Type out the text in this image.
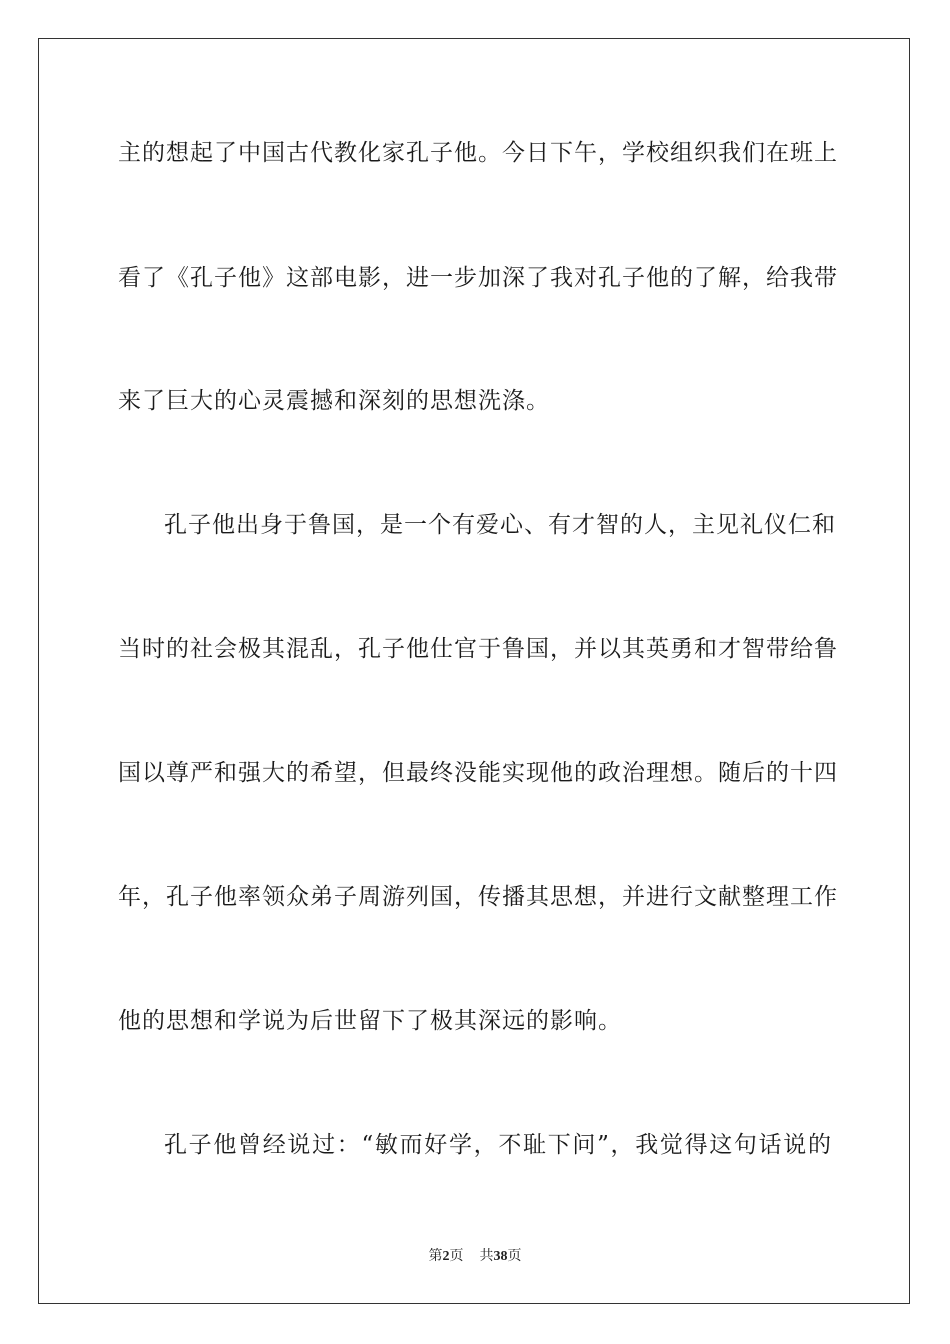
主的想起了中国古代教化家孔子他。今日下午，学校组织我们在班上
看了《孔子他》这部电影，进一步加深了我对孔子他的了解，给我带
来了巨大的心灵震撼和深刻的思想洗涤。
孔子他出身于鲁国，是一个有爱心、有才智的人，主见礼仪仁和
当时的社会极其混乱，孔子他仕官于鲁国，并以其英勇和才智带给鲁
国以尊严和强大的希望，但最终没能实现他的政治理想。随后的十四
年，孔子他率领众弟子周游列国，传播其思想，并进行文献整理工作
他的思想和学说为后世留下了极其深远的影响。
孔子他曾经说过：“敏而好学，不耻下问”，我觉得这句话说的
第2页 共38页
